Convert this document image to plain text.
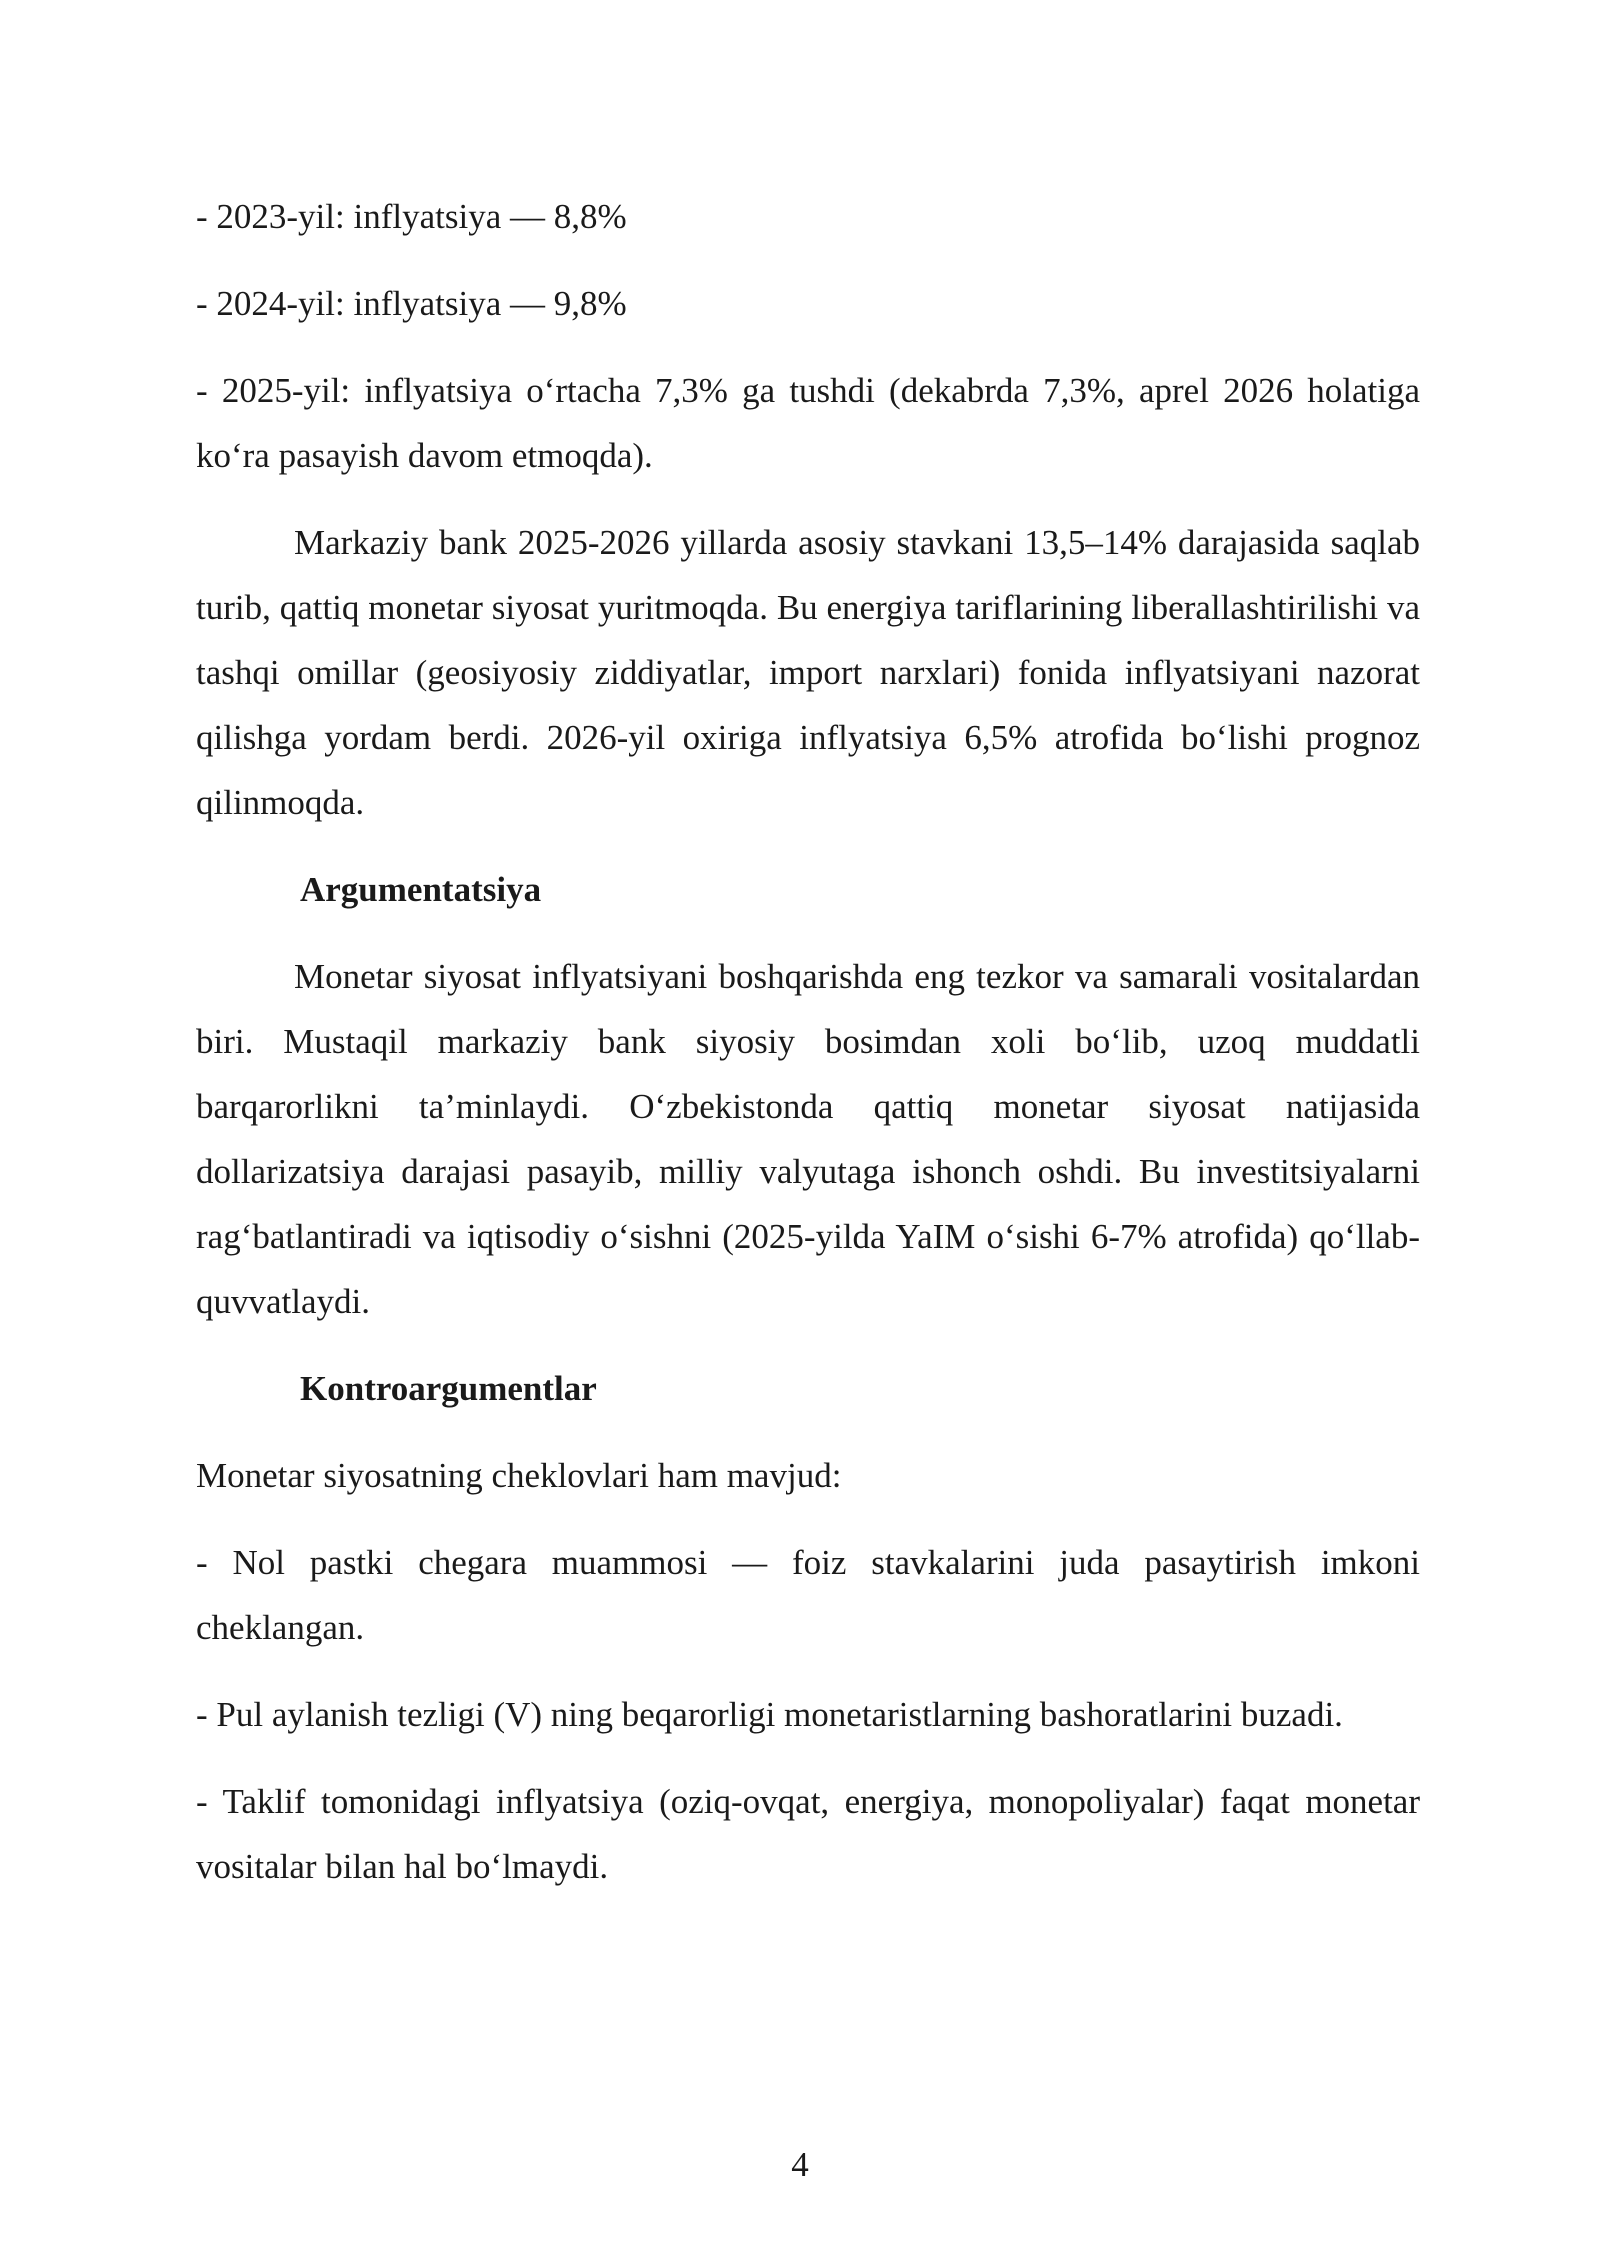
- 2023-yil: inflyatsiya — 8,8%

- 2024-yil: inflyatsiya — 9,8%

- 2025-yil: inflyatsiya o‘rtacha 7,3% ga tushdi (dekabrda 7,3%, aprel 2026 holatiga ko‘ra pasayish davom etmoqda).

Markaziy bank 2025-2026 yillarda asosiy stavkani 13,5–14% darajasida saqlab turib, qattiq monetar siyosat yuritmoqda. Bu energiya tariflarining liberallashtirilishi va tashqi omillar (geosiyosiy ziddiyatlar, import narxlari) fonida inflyatsiyani nazorat qilishga yordam berdi. 2026-yil oxiriga inflyatsiya 6,5% atrofida bo‘lishi prognoz qilinmoqda.

Argumentatsiya

Monetar siyosat inflyatsiyani boshqarishda eng tezkor va samarali vositalardan biri. Mustaqil markaziy bank siyosiy bosimdan xoli bo‘lib, uzoq muddatli barqarorlikni ta’minlaydi. O‘zbekistonda qattiq monetar siyosat natijasida dollarizatsiya darajasi pasayib, milliy valyutaga ishonch oshdi. Bu investitsiyalarni rag‘batlantiradi va iqtisodiy o‘sishni (2025-yilda YaIM o‘sishi 6-7% atrofida) qo‘llab-quvvatlaydi.

Kontroargumentlar

Monetar siyosatning cheklovlari ham mavjud:

- Nol pastki chegara muammosi — foiz stavkalarini juda pasaytirish imkoni cheklangan.

- Pul aylanish tezligi (V) ning beqarorligi monetaristlarning bashoratlarini buzadi.

- Taklif tomonidagi inflyatsiya (oziq-ovqat, energiya, monopoliyalar) faqat monetar vositalar bilan hal bo‘lmaydi.

4
